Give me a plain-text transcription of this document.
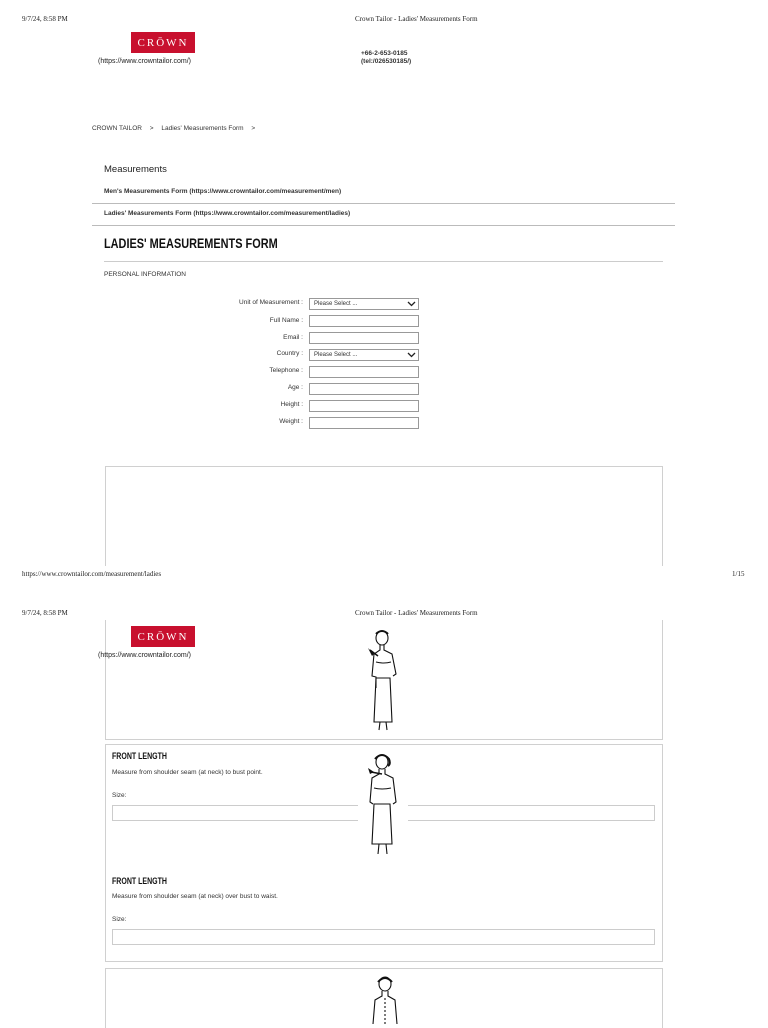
9/7/24, 8:58 PM	Crown Tailor - Ladies' Measurements Form
CRŌWN
(https://www.crowntailor.com/)
+66-2-653-0185
(tel:/026530185/)
CROWN TAILOR > Ladies' Measurements Form >
Measurements
Men's Measurements Form (https://www.crowntailor.com/measurement/men)
Ladies' Measurements Form (https://www.crowntailor.com/measurement/ladies)
LADIES' MEASUREMENTS FORM
PERSONAL INFORMATION
Unit of Measurement : Please Select ...
Full Name :
Email :
Country : Please Select ...
Telephone :
Age :
Height :
Weight :
https://www.crowntailor.com/measurement/ladies	1/15
9/7/24, 8:58 PM	Crown Tailor - Ladies' Measurements Form
CRŌWN
(https://www.crowntailor.com/)
FRONT LENGTH
Measure from shoulder seam (at neck) to bust point.
Size:
FRONT LENGTH
Measure from shoulder seam (at neck) over bust to waist.
Size:
